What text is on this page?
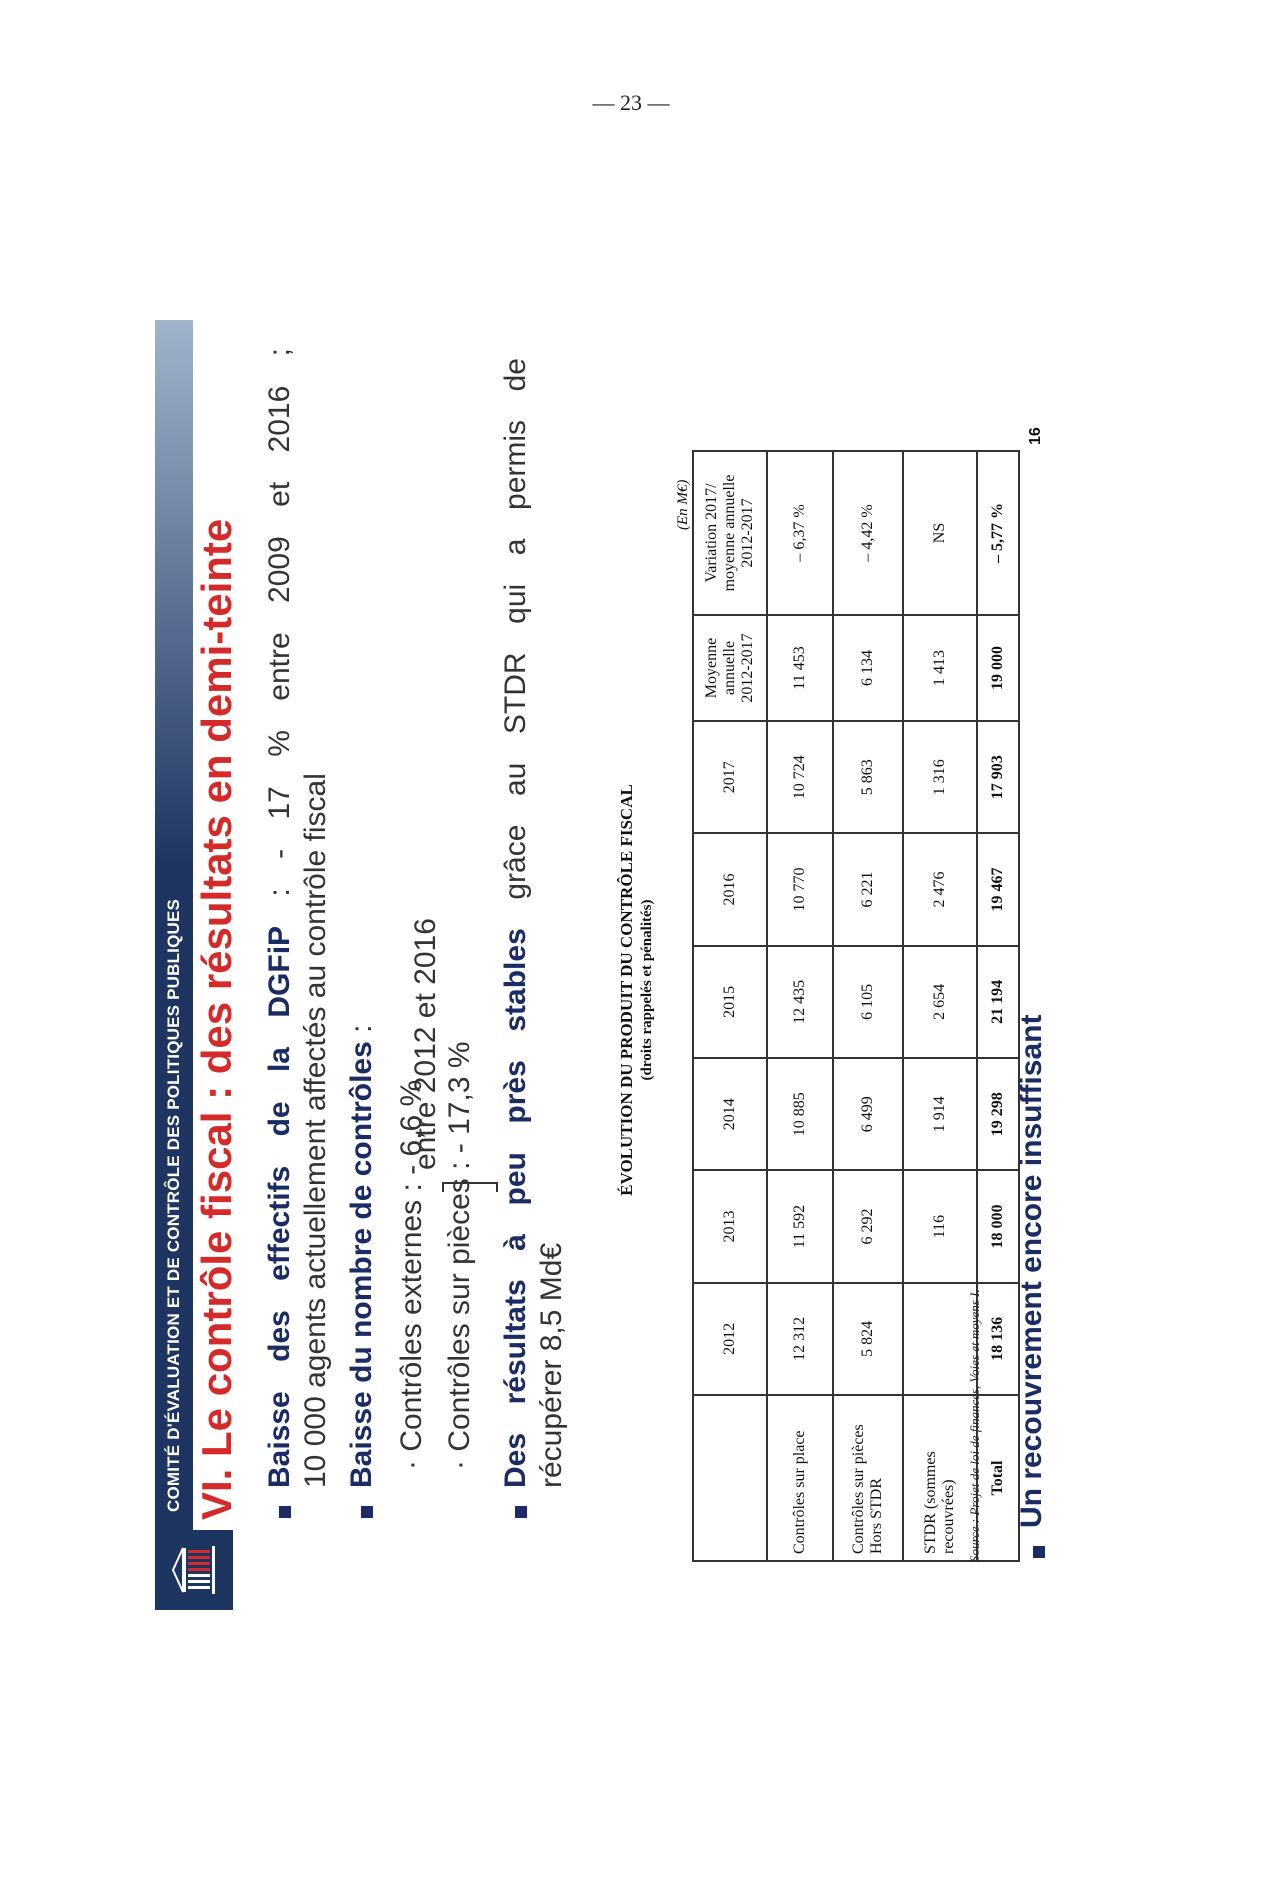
— 23 —
COMITÉ D'ÉVALUATION ET DE CONTRÔLE DES POLITIQUES PUBLIQUES VI. Le contrôle fiscal : des résultats en demi-teinte Baisse des effectifs de la DGFiP : - 17 % entre 2009 et 2016 ;
10 000 agents actuellement affectés au contrôle fiscal Baisse du nombre de contrôles :
· Contrôles externes : - 6,6 % · Contrôles sur pièces : - 17,3 %
entre 2012 et 2016 Des résultats à peu près stables grâce au STDR qui a permis de
récupérer 8,5 Md€
ÉVOLUTION DU PRODUIT DU CONTRÔLE FISCAL (droits rappelés et pénalités)
(En M€)
	2012	2013	2014	2015	2016	2017	Moyenne annuelle 2012-2017	Variation 2017/ moyenne annuelle 2012-2017
Contrôles sur place	12 312	11 592	10 885	12 435	10 770	10 724	11 453	– 6,37 %
Contrôles sur pièces Hors STDR	5 824	6 292	6 499	6 105	6 221	5 863	6 134	– 4,42 %
STDR (sommes recouvrées)		116	1 914	2 654	2 476	1 316	1 413	NS
Total	18 136	18 000	19 298	21 194	19 467	17 903	19 000	– 5,77 %
Source : Projet de loi de finances, Voies et moyens I. Un recouvrement encore insuffisant
16
